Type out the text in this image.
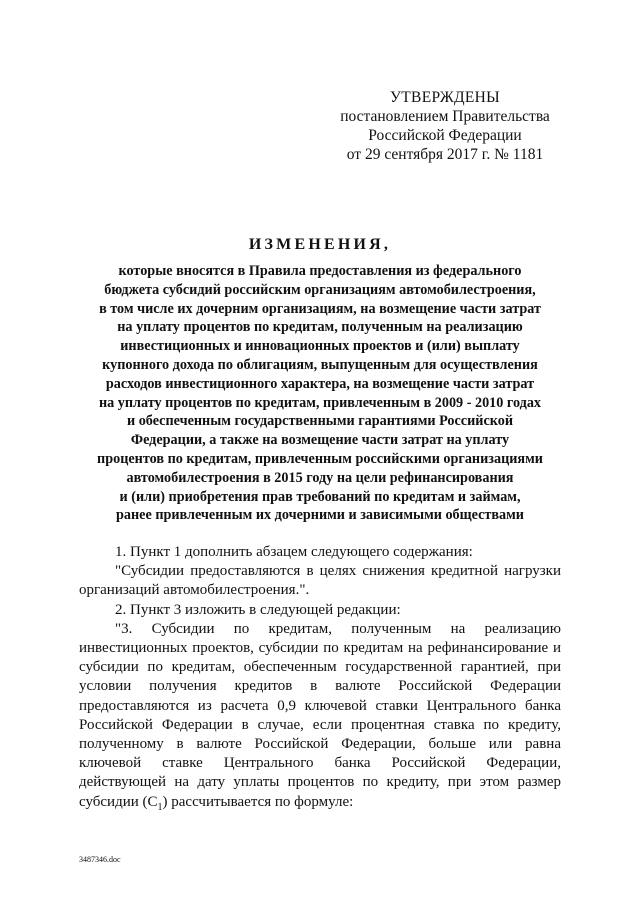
УТВЕРЖДЕНЫ
постановлением Правительства
Российской Федерации
от 29 сентября 2017 г. № 1181
ИЗМЕНЕНИЯ,
которые вносятся в Правила предоставления из федерального
бюджета субсидий российским организациям автомобилестроения,
в том числе их дочерним организациям, на возмещение части затрат
на уплату процентов по кредитам, полученным на реализацию
инвестиционных и инновационных проектов и (или) выплату
купонного дохода по облигациям, выпущенным для осуществления
расходов инвестиционного характера, на возмещение части затрат
на уплату процентов по кредитам, привлеченным в 2009 - 2010 годах
и обеспеченным государственными гарантиями Российской
Федерации, а также на возмещение части затрат на уплату
процентов по кредитам, привлеченным российскими организациями
автомобилестроения в 2015 году на цели рефинансирования
и (или) приобретения прав требований по кредитам и займам,
ранее привлеченным их дочерними и зависимыми обществами

1. Пункт 1 дополнить абзацем следующего содержания:

"Субсидии предоставляются в целях снижения кредитной нагрузки организаций автомобилестроения.".

2. Пункт 3 изложить в следующей редакции:

"3. Субсидии по кредитам, полученным на реализацию инвестиционных проектов, субсидии по кредитам на рефинансирование и субсидии по кредитам, обеспеченным государственной гарантией, при условии получения кредитов в валюте Российской Федерации предоставляются из расчета 0,9 ключевой ставки Центрального банка Российской Федерации в случае, если процентная ставка по кредиту, полученному в валюте Российской Федерации, больше или равна ключевой ставке Центрального банка Российской Федерации, действующей на дату уплаты процентов по кредиту, при этом размер субсидии $(С_1)$ рассчитывается по формуле:

3487346.doc
